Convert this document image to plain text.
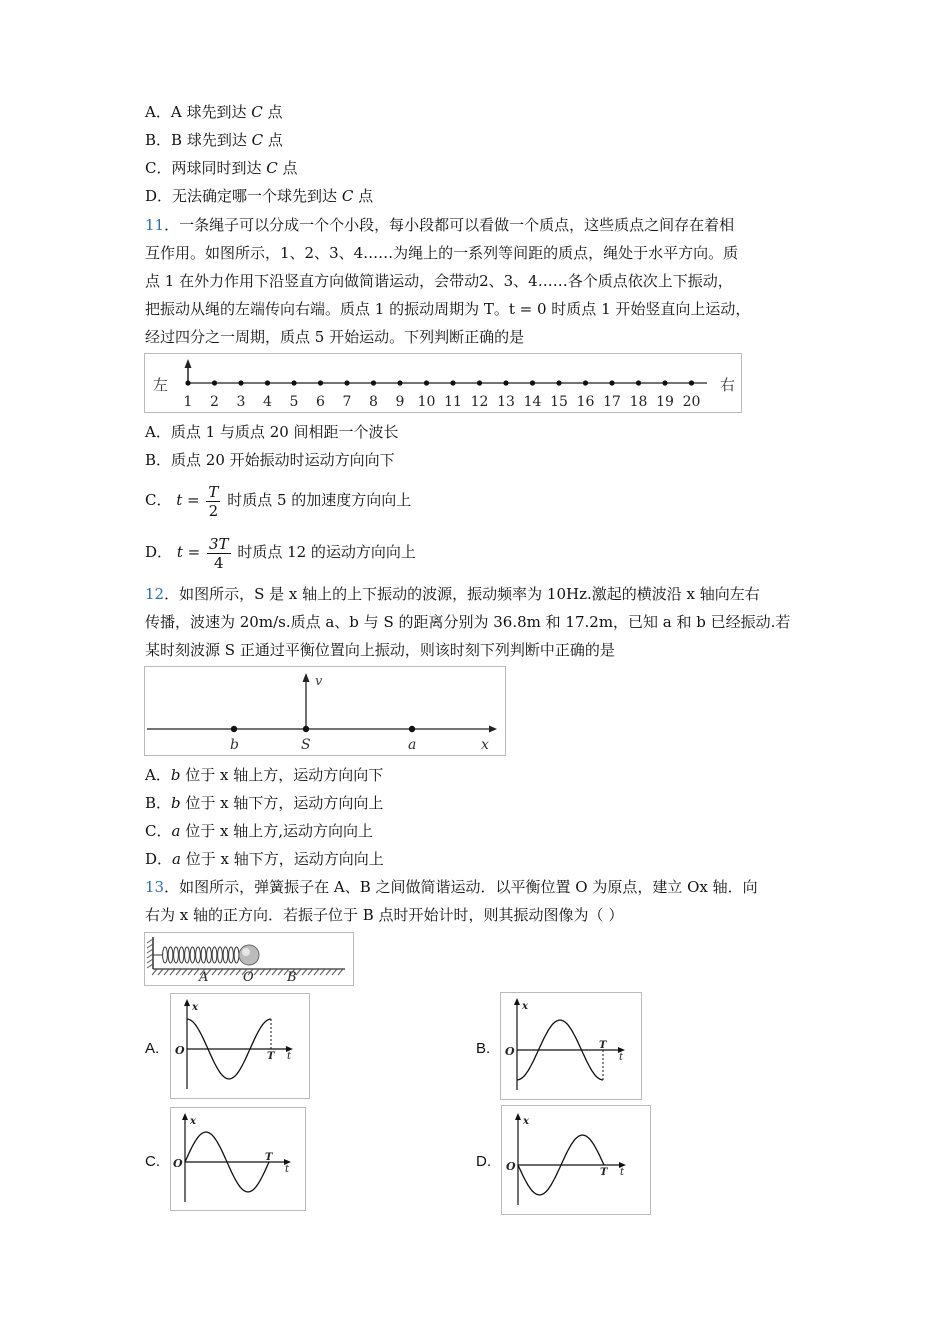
A．A 球先到达 C 点
B．B 球先到达 C 点
C．两球同时到达 C 点
D．无法确定哪一个球先到达 C 点
11．一条绳子可以分成一个个小段，每小段都可以看做一个质点，这些质点之间存在着相
互作用。如图所示，1、2、3、4……为绳上的一系列等间距的质点，绳处于水平方向。质
点 1 在外力作用下沿竖直方向做简谐运动，会带动2、3、4……各个质点依次上下振动，
把振动从绳的左端传向右端。质点 1 的振动周期为 T。t = 0 时质点 1 开始竖直向上运动，
经过四分之一周期，质点 5 开始运动。下列判断正确的是
左	右
1 2 3 4 5 6 7 8 9 10 11 12 13 14 15 16 17 18 19 20
A．质点 1 与质点 20 间相距一个波长
B．质点 20 开始振动时运动方向向下
C． $t = \frac{T}{2}$ 时质点 5 的加速度方向向上
D． $t = \frac{3T}{4}$ 时质点 12 的运动方向向上
12．如图所示，S 是 x 轴上的上下振动的波源，振动频率为 10Hz.激起的横波沿 x 轴向左右
传播，波速为 20m/s.质点 a、b 与 S 的距离分别为 36.8m 和 17.2m，已知 a 和 b 已经振动.若
某时刻波源 S 正通过平衡位置向上振动，则该时刻下列判断中正确的是
v
b	S	a	x
A．b 位于 x 轴上方，运动方向向下
B．b 位于 x 轴下方，运动方向向上
C．a 位于 x 轴上方,运动方向向上
D．a 位于 x 轴下方，运动方向向上
13．如图所示，弹簧振子在 A、B 之间做简谐运动．以平衡位置 O 为原点，建立 Ox 轴．向
右为 x 轴的正方向．若振子位于 B 点时开始计时，则其振动图像为（ ）
A	O	B
A.
x
O	T t	B.
x
O	T
t
C.
x
O	T
t	D.
x
O	T t
